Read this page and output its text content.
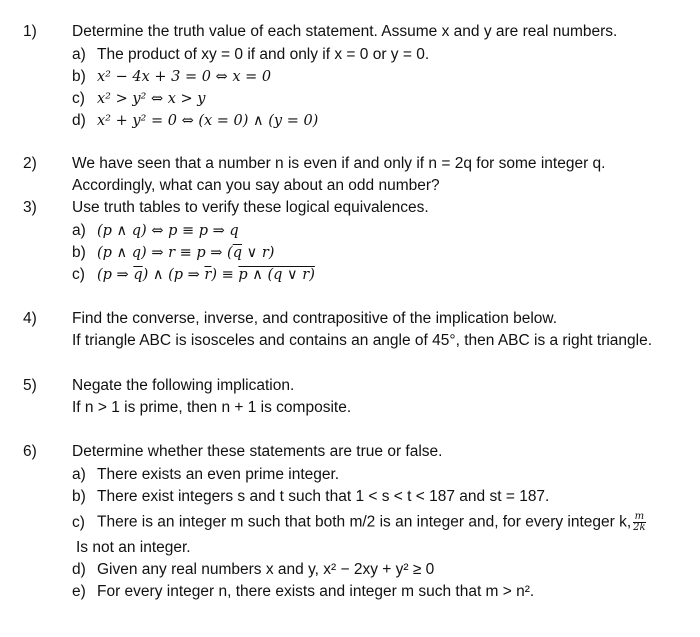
1) Determine the truth value of each statement. Assume x and y are real numbers.
a) The product of xy = 0 if and only if x = 0 or y = 0.
b) x² − 4x + 3 = 0 ⇔ x = 0
c) x² > y² ⇔ x > y
d) x² + y² = 0 ⇔ (x = 0) ∧ (y = 0)
2) We have seen that a number n is even if and only if n = 2q for some integer q.
Accordingly, what can you say about an odd number?
3) Use truth tables to verify these logical equivalences.
a) (p ∧ q) ⇔ p ≡ p ⇒ q
b) (p ∧ q) ⇒ r ≡ p ⇒ ($\overline{q}$ ∨ r)
c) (p ⇒ $\overline{q}$) ∧ (p ⇒ $\overline{r}) \equiv p$ ∧ (q ∨ r)
4) Find the converse, inverse, and contrapositive of the implication below.
If triangle ABC is isosceles and contains an angle of 45°, then ABC is a right triangle.
5) Negate the following implication.
If n > 1 is prime, then n + 1 is composite.
6) Determine whether these statements are true or false.
a) There exists an even prime integer.
b) There exist integers s and t such that 1 < s < t < 187 and st = 187.
c) There is an integer m such that both m/2 is an integer and, for every integer k, $\frac{m}{2k}$
Is not an integer.
d) Given any real numbers x and y, x² − 2xy + y² ≥ 0
e) For every integer n, there exists and integer m such that m > n².
